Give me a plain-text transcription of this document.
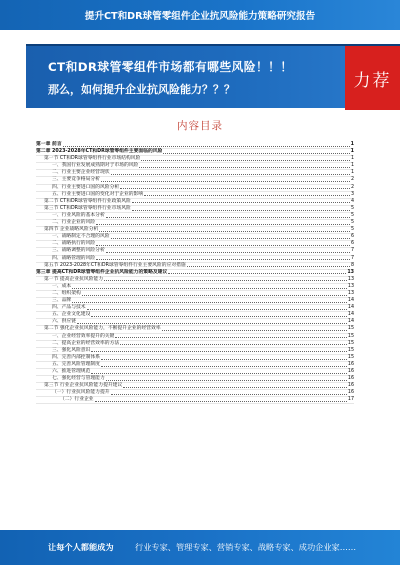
提升CT和DR球管零组件企业抗风险能力策略研究报告
CT和DR球管零组件市场都有哪些风险！！！
那么，如何提升企业抗风险能力？？？	力荐
内容目录
第一章 前言	1
第二章 2023-2028年CT和DR球管零组件主要面临的风险	1
第一节 CT和DR球管零组件行业市场结构风险	1
一、我国行业发展成熟期对于市场的风险	1
二、行业主要企业经营现状	1
三、主要竞争格局分析	2
四、行业主要进口国的风险分析	2
五、行业主要进口国的变化对于企业的影响	3
第二节 CT和DR球管零组件行业政策风险	4
第三节 CT和DR球管零组件行业市场风险	5
一、行业风险的基本分析	5
二、行业企业的风险	5
第四节 企业战略风险分析	5
一、战略制定不合理的风险	6
二、战略执行的风险	6
三、战略调整的风险分析	7
四、战略管理的风险	7
第五节 2023-2028年CT和DR球管零组件行业主要风险的应对措施	8
第三章 提高CT和DR球管零组件企业抗风险能力的策略及建议	13
第一节 提高企业抗风险能力	13
一、成本	13
二、组织架构	13
三、品牌	14
四、产品与技术	14
五、企业文化建设	14
六、供应链	14
第二节 强化企业抗风险能力，不断提升企业的经营效率	15
一、企业经营效率提升的关键	15
二、提高企业的经营效率的方法	15
三、强化风险意识	15
四、完善内部控制体系	15
五、完善风险管理制度	16
六、推进管理规范	16
七、强化经营与管理能力	16
第三节 行业企业抗风险能力提升建议	16
（一）行业抗风险能力提升	16
（二）行业企业	17
让每个人都能成为	行业专家、管理专家、营销专家、战略专家、成功企业家……
